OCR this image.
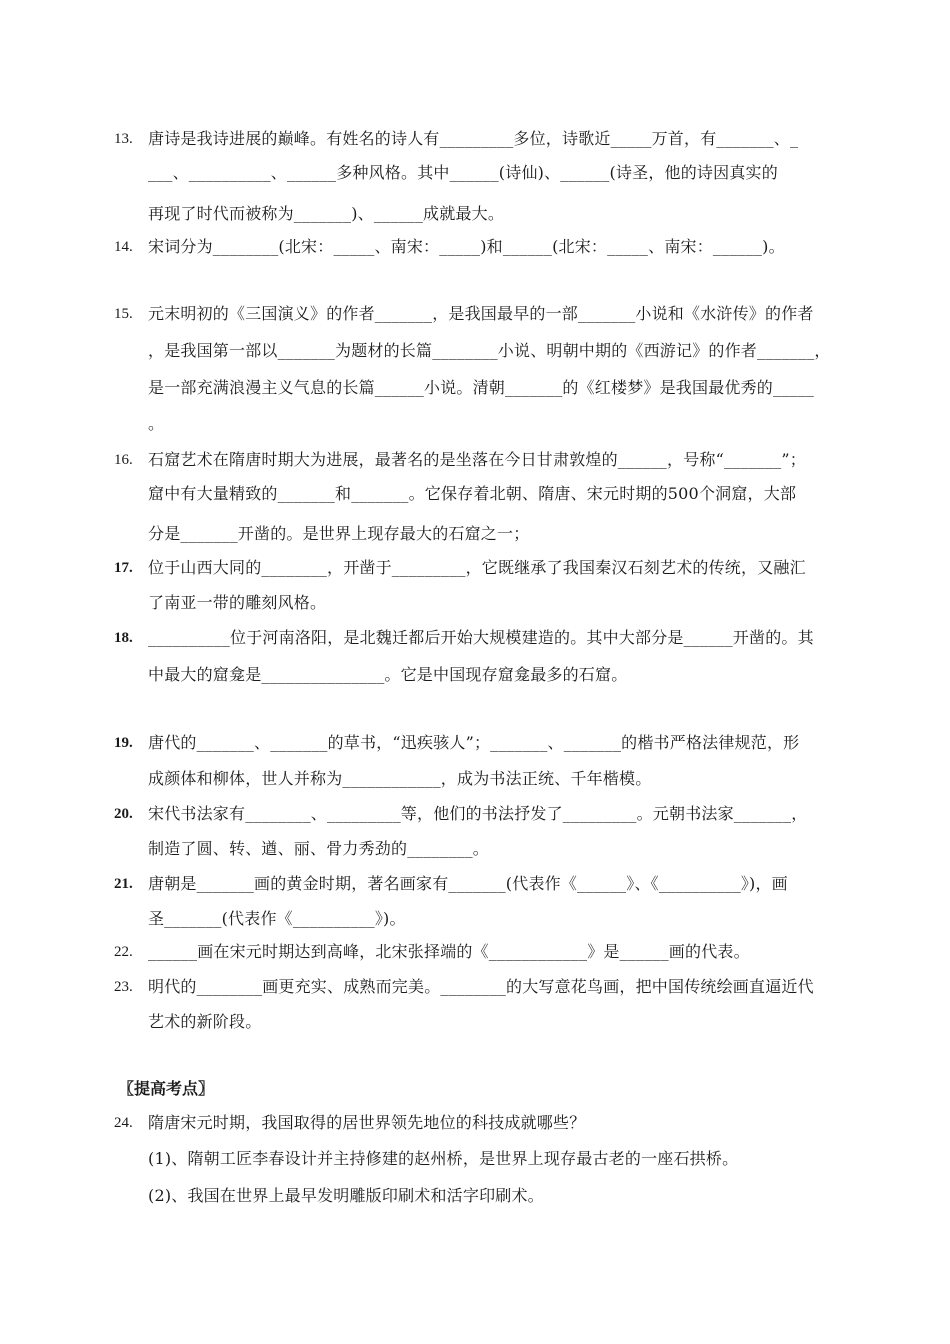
13. 唐诗是我诗进展的巅峰。有姓名的诗人有_________多位，诗歌近_____万首，有_______、_
___、__________、______多种风格。其中______(诗仙)、______(诗圣，他的诗因真实的
再现了时代而被称为_______)、______成就最大。
14. 宋词分为________(北宋：_____、南宋：_____)和______(北宋：_____、南宋：______)。
15. 元末明初的《三国演义》的作者_______，是我国最早的一部_______小说和《水浒传》的作者
，是我国第一部以_______为题材的长篇________小说、明朝中期的《西游记》的作者_______，
是一部充满浪漫主义气息的长篇______小说。清朝_______的《红楼梦》是我国最优秀的_____
。
16. 石窟艺术在隋唐时期大为进展，最著名的是坐落在今日甘肃敦煌的______，号称“_______”；
窟中有大量精致的_______和_______。它保存着北朝、隋唐、宋元时期的500个洞窟，大部
分是_______开凿的。是世界上现存最大的石窟之一；
17. 位于山西大同的________，开凿于_________，它既继承了我国秦汉石刻艺术的传统，又融汇
了南亚一带的雕刻风格。
18. __________位于河南洛阳，是北魏迁都后开始大规模建造的。其中大部分是______开凿的。其
中最大的窟龛是_______________。它是中国现存窟龛最多的石窟。
19. 唐代的_______、_______的草书，“迅疾骇人”；_______、_______的楷书严格法律规范，形
成颜体和柳体，世人并称为____________，成为书法正统、千年楷模。
20. 宋代书法家有________、_________等，他们的书法抒发了_________。元朝书法家_______，
制造了圆、转、遒、丽、骨力秀劲的________。
21. 唐朝是_______画的黄金时期，著名画家有_______(代表作《______》、《__________》)，画
圣_______(代表作《__________》)。
22. ______画在宋元时期达到高峰，北宋张择端的《____________》是______画的代表。
23. 明代的________画更充实、成熟而完美。________的大写意花鸟画，把中国传统绘画直逼近代
艺术的新阶段。
〖提高考点〗
24. 隋唐宋元时期，我国取得的居世界领先地位的科技成就哪些？
(1)、隋朝工匠李春设计并主持修建的赵州桥，是世界上现存最古老的一座石拱桥。
(2)、我国在世界上最早发明雕版印刷术和活字印刷术。
